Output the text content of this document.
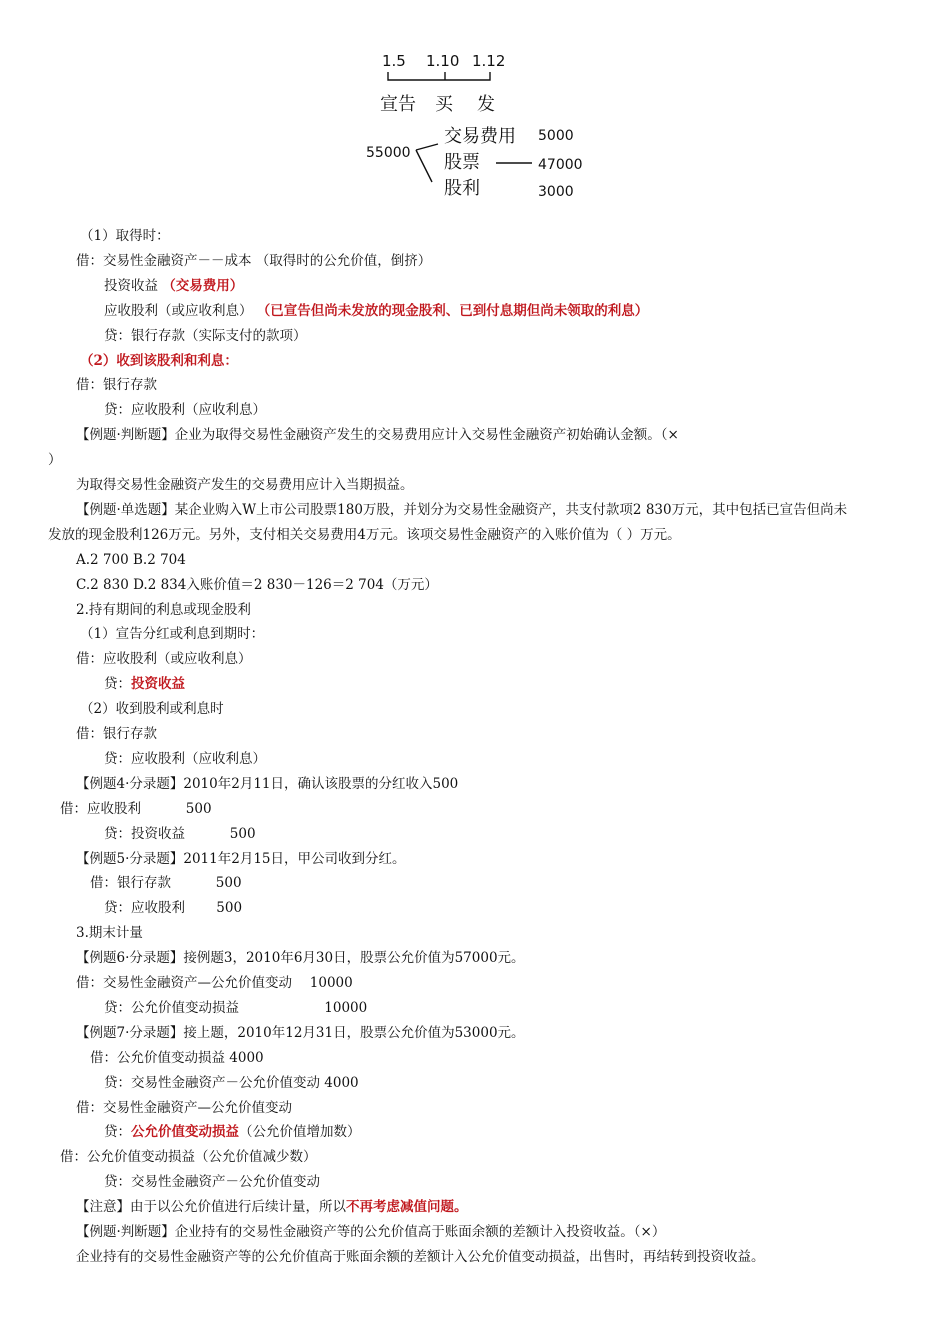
1.5 1.10 1.12
宣告 买 发
55000
交易费用
股票
股利
5000
47000
3000
（1）取得时：
借：交易性金融资产－－成本 （取得时的公允价值，倒挤）
投资收益 （交易费用）
应收股利（或应收利息） （已宣告但尚未发放的现金股利、已到付息期但尚未领取的利息）
贷：银行存款（实际支付的款项）
（2）收到该股利和利息：
借：银行存款
贷：应收股利（应收利息）
【例题·判断题】企业为取得交易性金融资产发生的交易费用应计入交易性金融资产初始确认金额。（×
）
为取得交易性金融资产发生的交易费用应计入当期损益。
【例题·单选题】某企业购入W上市公司股票180万股，并划分为交易性金融资产，共支付款项2 830万元，其中包括已宣告但尚未
发放的现金股利126万元。另外，支付相关交易费用4万元。该项交易性金融资产的入账价值为（ ）万元。
A.2 700 B.2 704
C.2 830 D.2 834入账价值＝2 830－126＝2 704（万元）
2.持有期间的利息或现金股利
（1）宣告分红或利息到期时：
借：应收股利（或应收利息）
贷：投资收益
（2）收到股利或利息时
借：银行存款
贷：应收股利（应收利息）
【例题4·分录题】2010年2月11日，确认该股票的分红收入500
借：应收股利 　　　500
贷：投资收益 　　　500
【例题5·分录题】2011年2月15日，甲公司收到分红。
借：银行存款 　　　500
贷：应收股利 　　500
3.期末计量
【例题6·分录题】接例题3，2010年6月30日，股票公允价值为57000元。
借：交易性金融资产—公允价值变动 　10000
贷：公允价值变动损益 　　　　　　10000
【例题7·分录题】接上题，2010年12月31日，股票公允价值为53000元。
借：公允价值变动损益 4000
贷：交易性金融资产－公允价值变动 4000
借：交易性金融资产—公允价值变动
贷：公允价值变动损益（公允价值增加数）
借：公允价值变动损益（公允价值减少数）
贷：交易性金融资产－公允价值变动
【注意】由于以公允价值进行后续计量，所以不再考虑减值问题。
【例题·判断题】企业持有的交易性金融资产等的公允价值高于账面余额的差额计入投资收益。（×）
企业持有的交易性金融资产等的公允价值高于账面余额的差额计入公允价值变动损益，出售时，再结转到投资收益。
